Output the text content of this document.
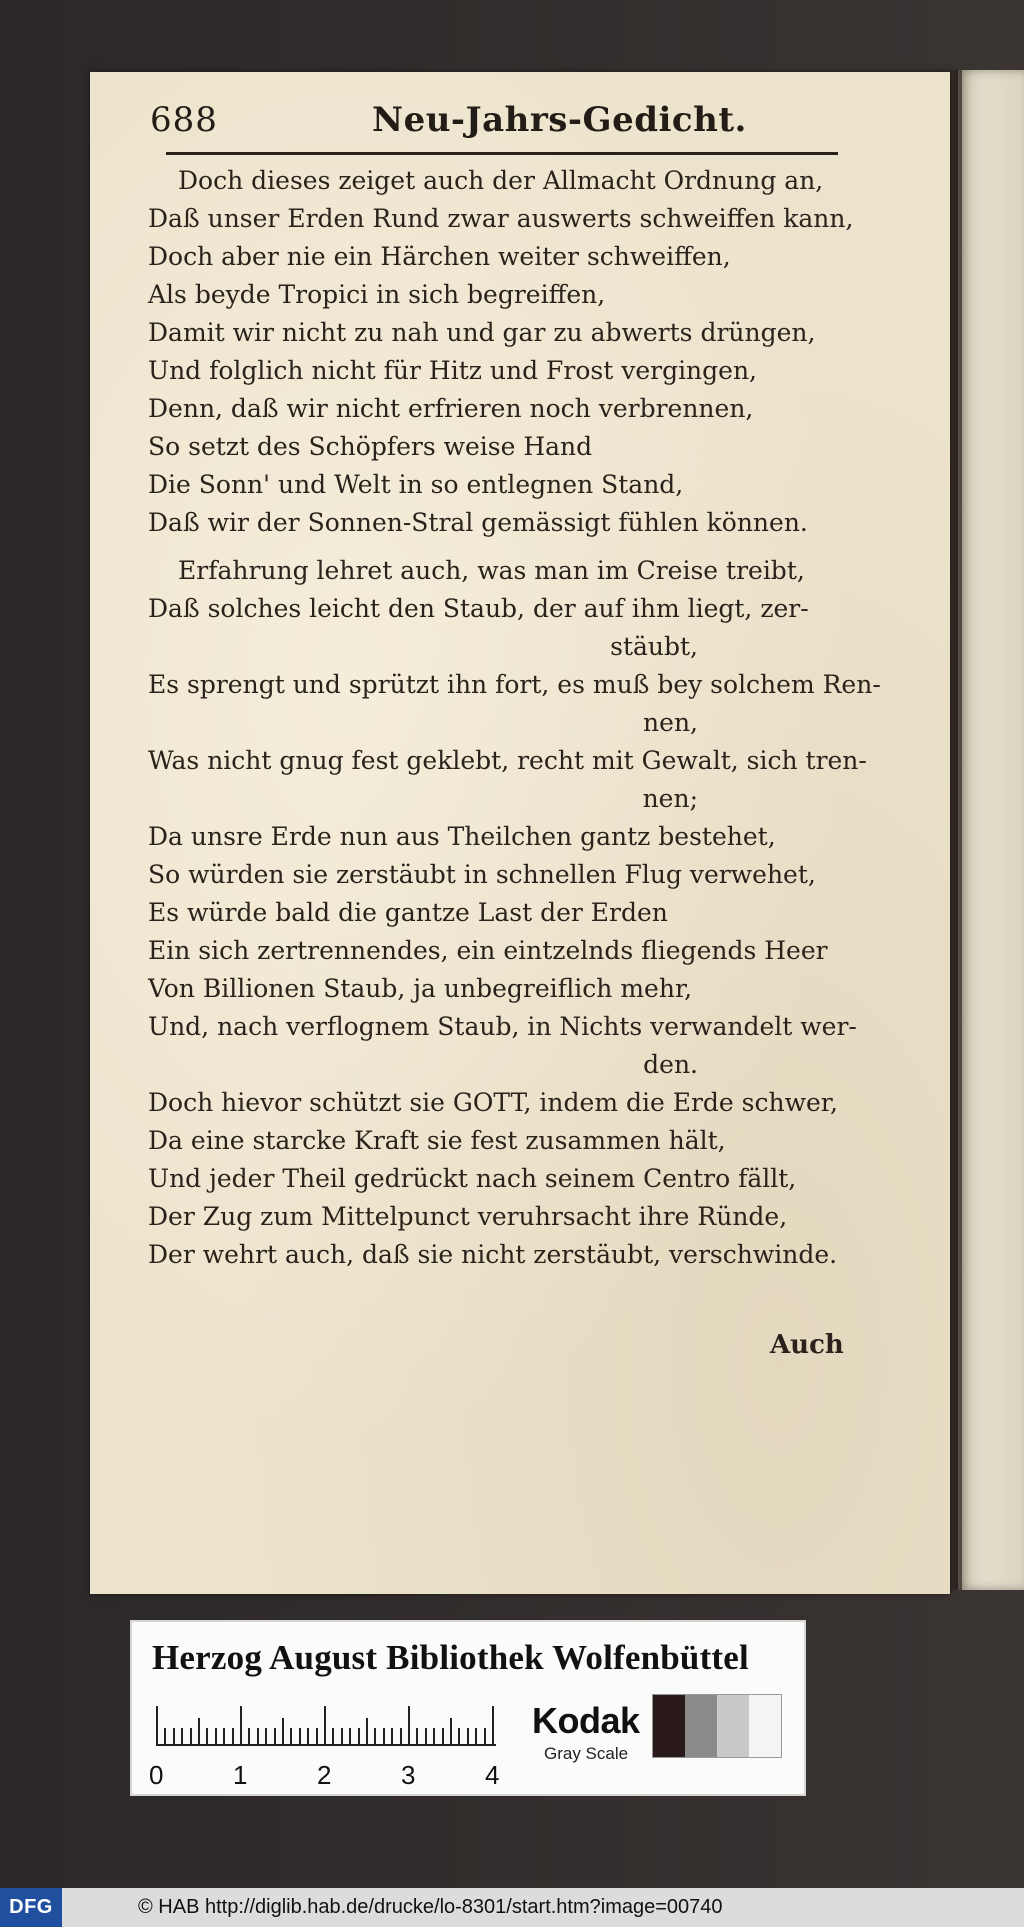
688	Neu-Jahrs-Gedicht.
Doch dieses zeiget auch der Allmacht Ordnung an,
Daß unser Erden Rund zwar auswerts schweiffen kann,
Doch aber nie ein Härchen weiter schweiffen,
Als beyde Tropici in sich begreiffen,
Damit wir nicht zu nah und gar zu abwerts drüngen,
Und folglich nicht für Hitz und Frost vergingen,
Denn, daß wir nicht erfrieren noch verbrennen,
So setzt des Schöpfers weise Hand
Die Sonn' und Welt in so entlegnen Stand,
Daß wir der Sonnen-Stral gemässigt fühlen können.
Erfahrung lehret auch, was man im Creise treibt,
Daß solches leicht den Staub, der auf ihm liegt, zer-
stäubt,
Es sprengt und sprützt ihn fort, es muß bey solchem Ren-
nen,
Was nicht gnug fest geklebt, recht mit Gewalt, sich tren-
nen;
Da unsre Erde nun aus Theilchen gantz bestehet,
So würden sie zerstäubt in schnellen Flug verwehet,
Es würde bald die gantze Last der Erden
Ein sich zertrennendes, ein eintzelnds fliegends Heer
Von Billionen Staub, ja unbegreiflich mehr,
Und, nach verflognem Staub, in Nichts verwandelt wer-
den.
Doch hievor schützt sie GOTT, indem die Erde schwer,
Da eine starcke Kraft sie fest zusammen hält,
Und jeder Theil gedrückt nach seinem Centro fällt,
Der Zug zum Mittelpunct veruhrsacht ihre Ründe,
Der wehrt auch, daß sie nicht zerstäubt, verschwinde.
Auch
Herzog August Bibliothek Wolfenbüttel
0	1	2	3	4
Kodak
Gray Scale
DFG	© HAB http://diglib.hab.de/drucke/lo-8301/start.htm?image=00740
